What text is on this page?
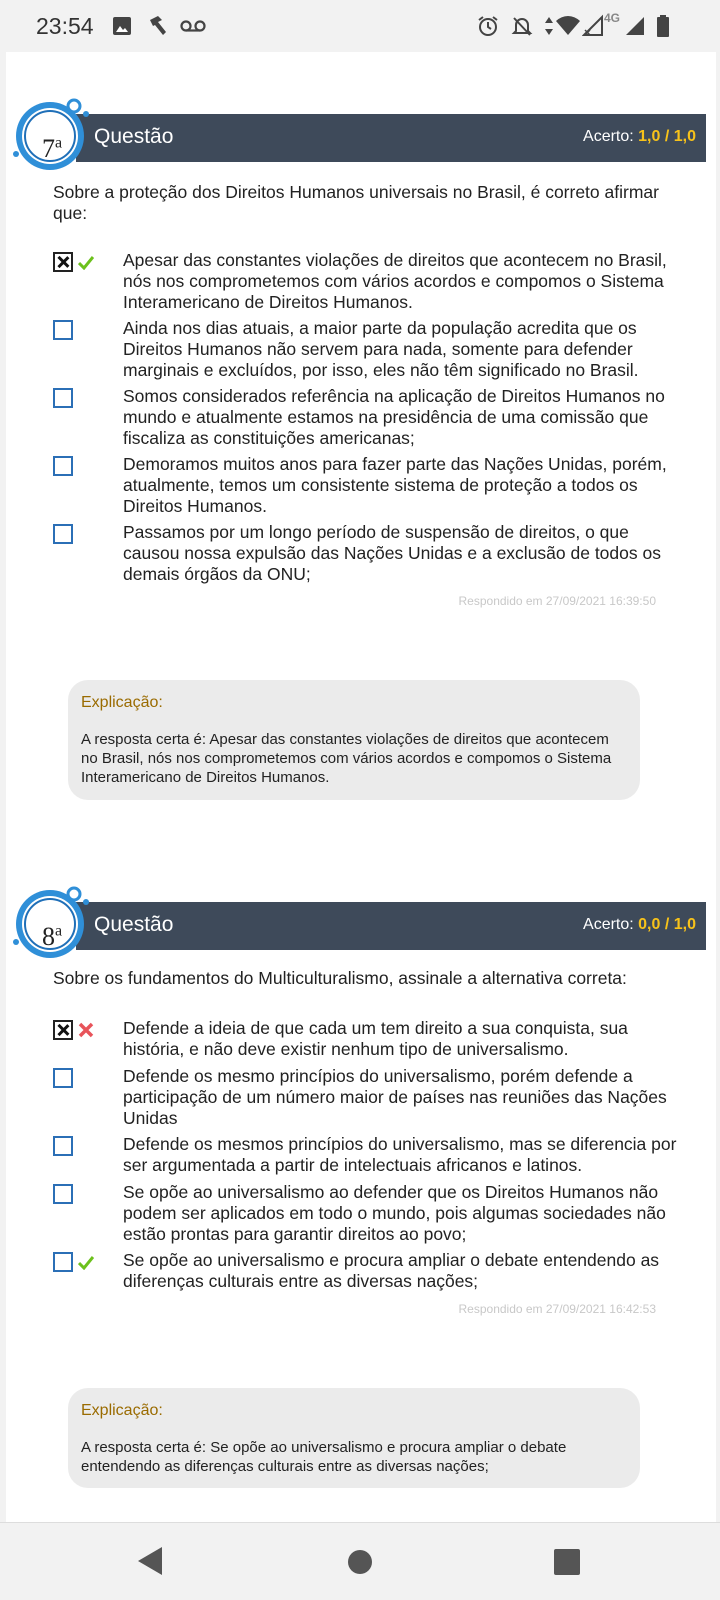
23:54	4G
Questão	Acerto: 1,0 / 1,0
7$^a$
Sobre a proteção dos Direitos Humanos universais no Brasil, é correto afirmar que:
Apesar das constantes violações de direitos que acontecem no Brasil, nós nos comprometemos com vários acordos e compomos o Sistema Interamericano de Direitos Humanos.
Ainda nos dias atuais, a maior parte da população acredita que os Direitos Humanos não servem para nada, somente para defender marginais e excluídos, por isso, eles não têm significado no Brasil.
Somos considerados referência na aplicação de Direitos Humanos no mundo e atualmente estamos na presidência de uma comissão que fiscaliza as constituições americanas;
Demoramos muitos anos para fazer parte das Nações Unidas, porém, atualmente, temos um consistente sistema de proteção a todos os Direitos Humanos.
Passamos por um longo período de suspensão de direitos, o que causou nossa expulsão das Nações Unidas e a exclusão de todos os demais órgãos da ONU;
Respondido em 27/09/2021 16:39:50
Explicação:
A resposta certa é: Apesar das constantes violações de direitos que acontecem no Brasil, nós nos comprometemos com vários acordos e compomos o Sistema Interamericano de Direitos Humanos.
Questão	Acerto: 0,0 / 1,0
8$^a$
Sobre os fundamentos do Multiculturalismo, assinale a alternativa correta:
Defende a ideia de que cada um tem direito a sua conquista, sua história, e não deve existir nenhum tipo de universalismo.
Defende os mesmo princípios do universalismo, porém defende a participação de um número maior de países nas reuniões das Nações Unidas
Defende os mesmos princípios do universalismo, mas se diferencia por ser argumentada a partir de intelectuais africanos e latinos.
Se opõe ao universalismo ao defender que os Direitos Humanos não podem ser aplicados em todo o mundo, pois algumas sociedades não estão prontas para garantir direitos ao povo;
Se opõe ao universalismo e procura ampliar o debate entendendo as diferenças culturais entre as diversas nações;
Respondido em 27/09/2021 16:42:53
Explicação:
A resposta certa é: Se opõe ao universalismo e procura ampliar o debate entendendo as diferenças culturais entre as diversas nações;
